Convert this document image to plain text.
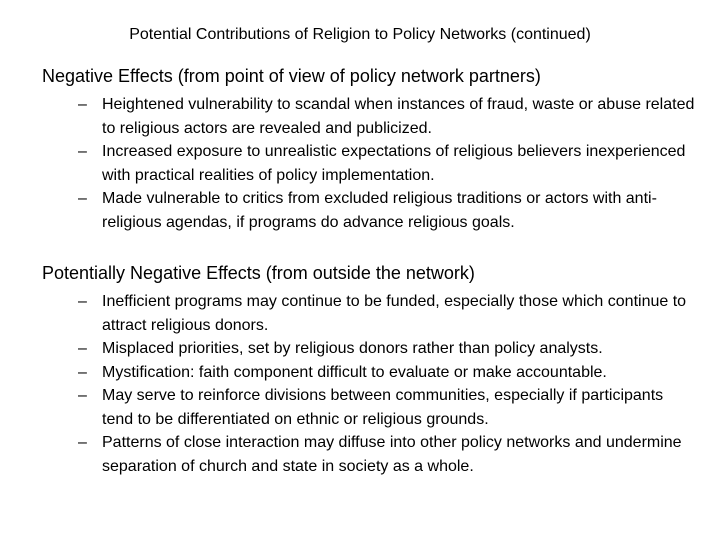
Potential Contributions of Religion to Policy Networks (continued)
Negative Effects (from point of view of policy network partners)
– Heightened vulnerability to scandal when instances of fraud, waste or abuse related to religious actors are revealed and publicized.
– Increased exposure to unrealistic expectations of religious believers inexperienced with practical realities of policy implementation.
– Made vulnerable to critics from excluded religious traditions or actors with anti-religious agendas, if programs do advance religious goals.
Potentially Negative Effects (from outside the network)
– Inefficient programs may continue to be funded, especially those which continue to attract religious donors.
– Misplaced priorities, set by religious donors rather than policy analysts.
– Mystification: faith component difficult to evaluate or make accountable.
– May serve to reinforce divisions between communities, especially if participants tend to be differentiated on ethnic or religious grounds.
– Patterns of close interaction may diffuse into other policy networks and undermine separation of church and state in society as a whole.
